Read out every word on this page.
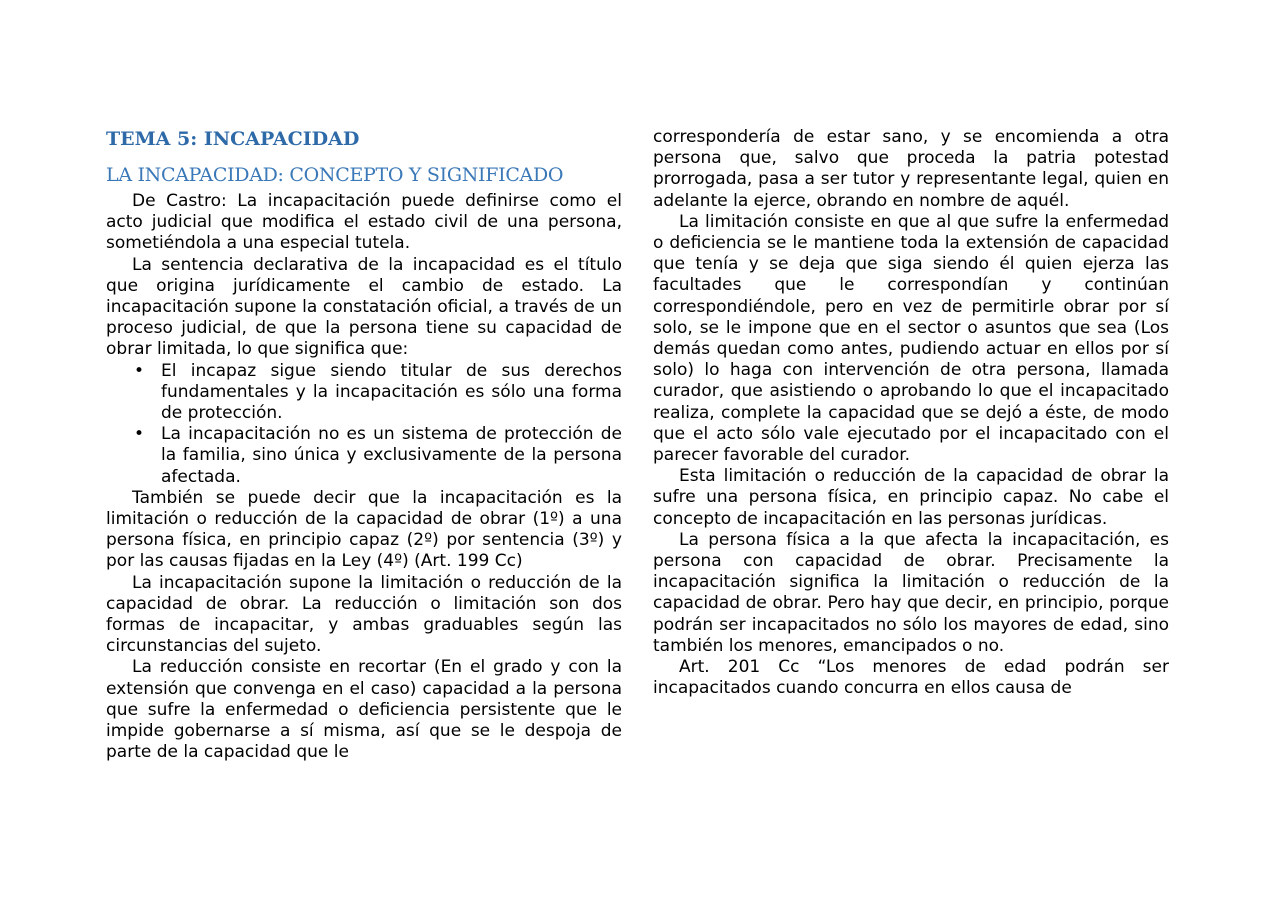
TEMA 5: INCAPACIDAD
LA INCAPACIDAD: CONCEPTO Y SIGNIFICADO

De Castro: La incapacitación puede definirse como el acto judicial que modifica el estado civil de una persona, sometiéndola a una especial tutela.

La sentencia declarativa de la incapacidad es el título que origina jurídicamente el cambio de estado. La incapacitación supone la constatación oficial, a través de un proceso judicial, de que la persona tiene su capacidad de obrar limitada, lo que significa que:

• El incapaz sigue siendo titular de sus derechos fundamentales y la incapacitación es sólo una forma de protección.
• La incapacitación no es un sistema de protección de la familia, sino única y exclusivamente de la persona afectada.

También se puede decir que la incapacitación es la limitación o reducción de la capacidad de obrar (1º) a una persona física, en principio capaz (2º) por sentencia (3º) y por las causas fijadas en la Ley (4º) (Art. 199 Cc)

La incapacitación supone la limitación o reducción de la capacidad de obrar. La reducción o limitación son dos formas de incapacitar, y ambas graduables según las circunstancias del sujeto.

La reducción consiste en recortar (En el grado y con la extensión que convenga en el caso) capacidad a la persona que sufre la enfermedad o deficiencia persistente que le impide gobernarse a sí misma, así que se le despoja de parte de la capacidad que le

correspondería de estar sano, y se encomienda a otra persona que, salvo que proceda la patria potestad prorrogada, pasa a ser tutor y representante legal, quien en adelante la ejerce, obrando en nombre de aquél.

La limitación consiste en que al que sufre la enfermedad o deficiencia se le mantiene toda la extensión de capacidad que tenía y se deja que siga siendo él quien ejerza las facultades que le correspondían y continúan correspondiéndole, pero en vez de permitirle obrar por sí solo, se le impone que en el sector o asuntos que sea (Los demás quedan como antes, pudiendo actuar en ellos por sí solo) lo haga con intervención de otra persona, llamada curador, que asistiendo o aprobando lo que el incapacitado realiza, complete la capacidad que se dejó a éste, de modo que el acto sólo vale ejecutado por el incapacitado con el parecer favorable del curador.

Esta limitación o reducción de la capacidad de obrar la sufre una persona física, en principio capaz. No cabe el concepto de incapacitación en las personas jurídicas.

La persona física a la que afecta la incapacitación, es persona con capacidad de obrar. Precisamente la incapacitación significa la limitación o reducción de la capacidad de obrar. Pero hay que decir, en principio, porque podrán ser incapacitados no sólo los mayores de edad, sino también los menores, emancipados o no.

Art. 201 Cc “Los menores de edad podrán ser incapacitados cuando concurra en ellos causa de
